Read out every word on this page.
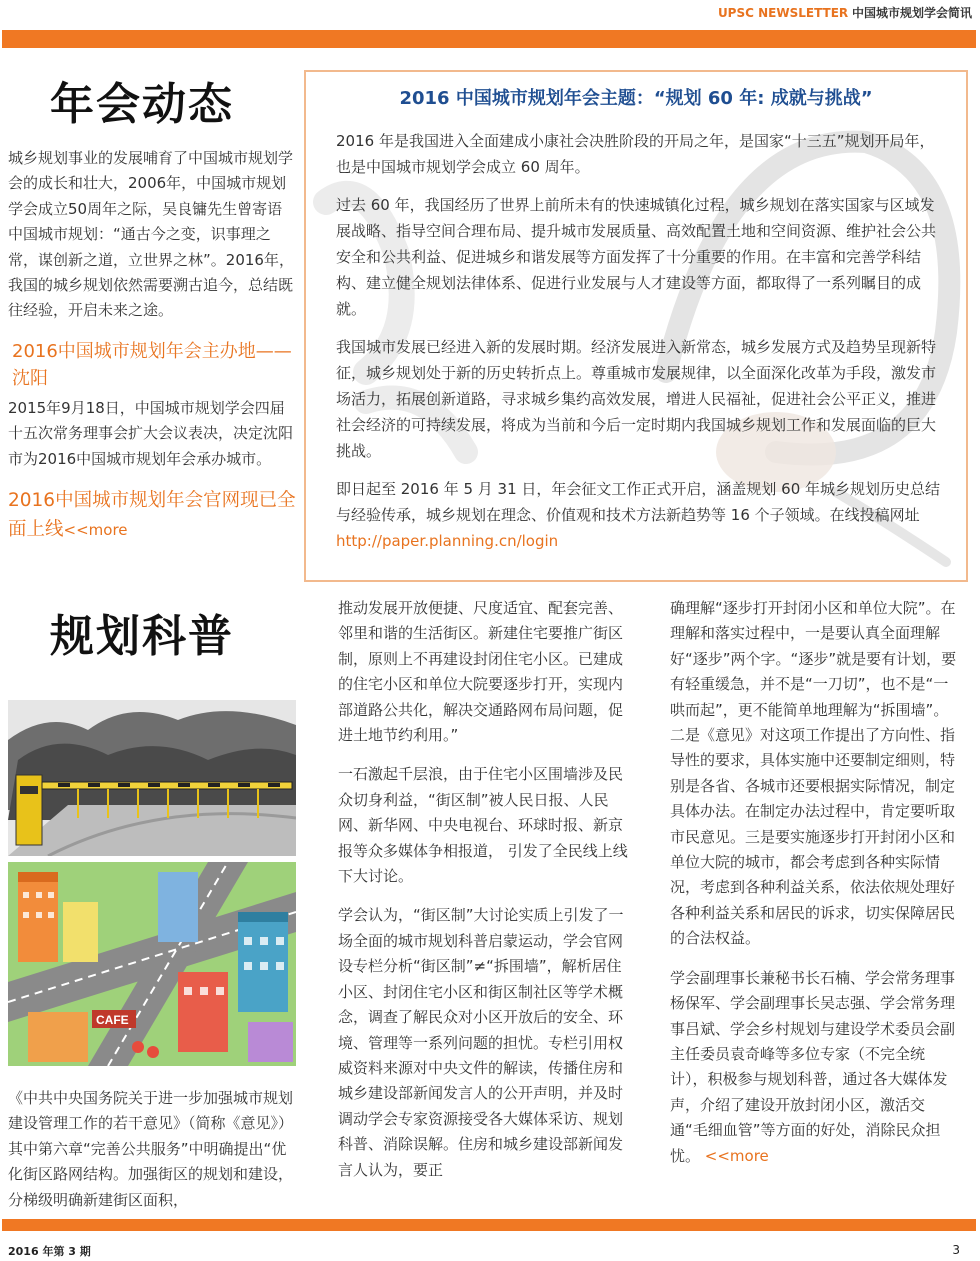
UPSC NEWSLETTER 中国城市规划学会简讯
年会动态

城乡规划事业的发展哺育了中国城市规划学会的成长和壮大，2006年，中国城市规划学会成立50周年之际，吴良镛先生曾寄语中国城市规划：“通古今之变，识事理之常，谋创新之道，立世界之林”。2016年，我国的城乡规划依然需要溯古追今，总结既往经验，开启未来之途。

2016中国城市规划年会主办地——沈阳

2015年9月18日，中国城市规划学会四届十五次常务理事会扩大会议表决，决定沈阳市为2016中国城市规划年会承办城市。

2016中国城市规划年会官网现已全面上线<<more

规划科普
CAFE

《中共中央国务院关于进一步加强城市规划建设管理工作的若干意见》（简称《意见》）其中第六章“完善公共服务”中明确提出“优化街区路网结构。加强街区的规划和建设，分梯级明确新建街区面积，

2016 中国城市规划年会主题：“规划 60 年: 成就与挑战”

2016 年是我国进入全面建成小康社会决胜阶段的开局之年，是国家“十三五”规划开局年，也是中国城市规划学会成立 60 周年。

过去 60 年，我国经历了世界上前所未有的快速城镇化过程，城乡规划在落实国家与区域发展战略、指导空间合理布局、提升城市发展质量、高效配置土地和空间资源、维护社会公共安全和公共利益、促进城乡和谐发展等方面发挥了十分重要的作用。在丰富和完善学科结构、建立健全规划法律体系、促进行业发展与人才建设等方面，都取得了一系列瞩目的成就。

我国城市发展已经进入新的发展时期。经济发展进入新常态，城乡发展方式及趋势呈现新特征，城乡规划处于新的历史转折点上。尊重城市发展规律，以全面深化改革为手段，激发市场活力，拓展创新道路，寻求城乡集约高效发展，增进人民福祉，促进社会公平正义，推进社会经济的可持续发展，将成为当前和今后一定时期内我国城乡规划工作和发展面临的巨大挑战。

即日起至 2016 年 5 月 31 日，年会征文工作正式开启，涵盖规划 60 年城乡规划历史总结与经验传承，城乡规划在理念、价值观和技术方法新趋势等 16 个子领域。在线投稿网址 http://paper.planning.cn/login

推动发展开放便捷、尺度适宜、配套完善、邻里和谐的生活街区。新建住宅要推广街区制，原则上不再建设封闭住宅小区。已建成的住宅小区和单位大院要逐步打开，实现内部道路公共化，解决交通路网布局问题，促进土地节约利用。”

一石激起千层浪，由于住宅小区围墙涉及民众切身利益，“街区制”被人民日报、人民网、新华网、中央电视台、环球时报、新京报等众多媒体争相报道， 引发了全民线上线下大讨论。

学会认为，“街区制”大讨论实质上引发了一场全面的城市规划科普启蒙运动，学会官网设专栏分析“街区制”≠“拆围墙”，解析居住小区、封闭住宅小区和街区制社区等学术概念，调查了解民众对小区开放后的安全、环境、管理等一系列问题的担忧。专栏引用权威资料来源对中央文件的解读，传播住房和城乡建设部新闻发言人的公开声明，并及时调动学会专家资源接受各大媒体采访、规划科普、消除误解。住房和城乡建设部新闻发言人认为，要正

确理解“逐步打开封闭小区和单位大院”。在理解和落实过程中，一是要认真全面理解好“逐步”两个字。“逐步”就是要有计划，要有轻重缓急，并不是“一刀切”，也不是“一哄而起”，更不能简单地理解为“拆围墙”。二是《意见》对这项工作提出了方向性、指导性的要求，具体实施中还要制定细则，特别是各省、各城市还要根据实际情况，制定具体办法。在制定办法过程中，肯定要听取市民意见。三是要实施逐步打开封闭小区和单位大院的城市，都会考虑到各种实际情况，考虑到各种利益关系，依法依规处理好各种利益关系和居民的诉求，切实保障居民的合法权益。

学会副理事长兼秘书长石楠、学会常务理事杨保军、学会副理事长吴志强、学会常务理事吕斌、学会乡村规划与建设学术委员会副主任委员袁奇峰等多位专家（不完全统计），积极参与规划科普，通过各大媒体发声，介绍了建设开放封闭小区，激活交通“毛细血管”等方面的好处，消除民众担忧。 <<more

2016 年第 3 期	3
